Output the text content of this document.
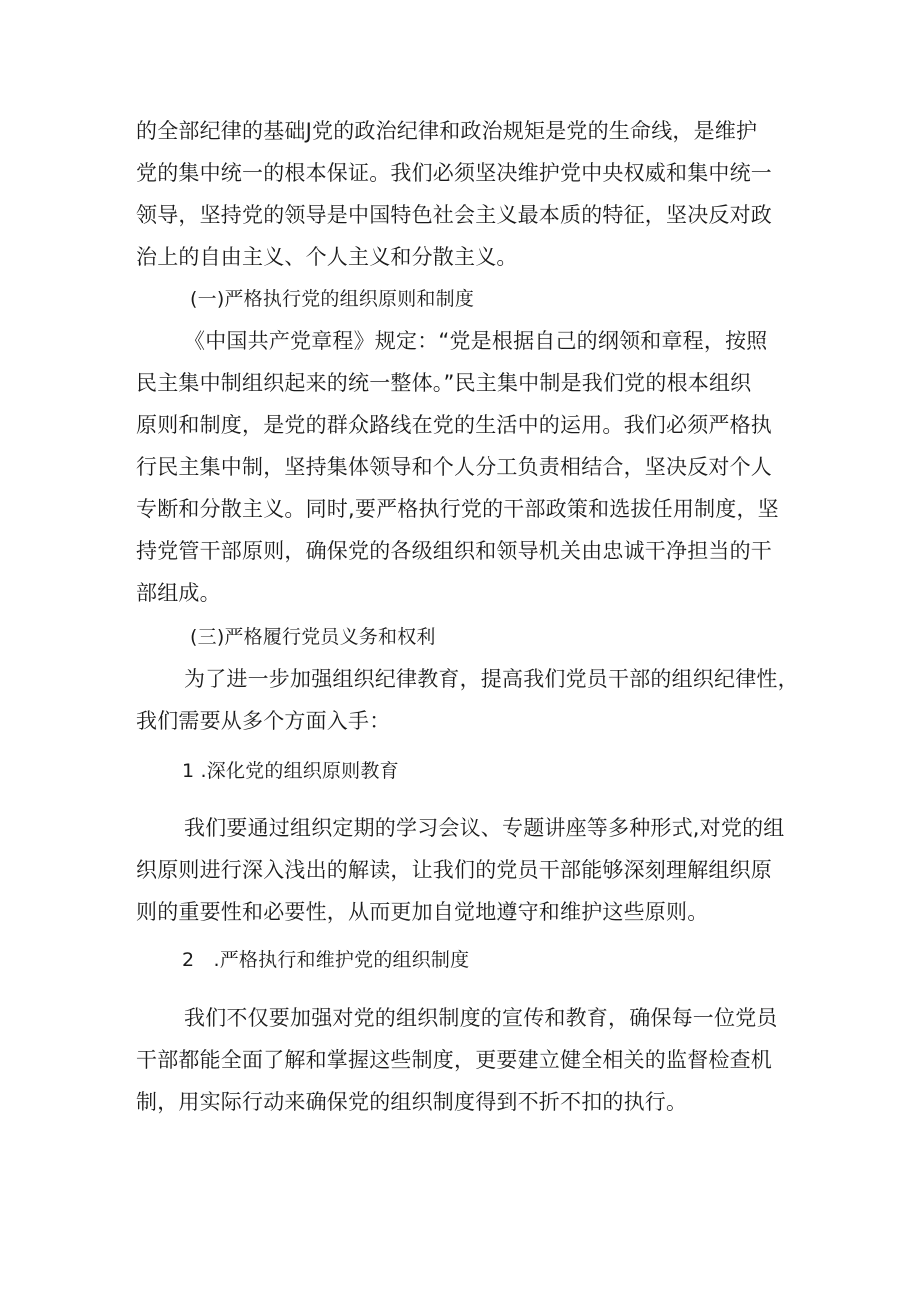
的全部纪律的基础J党的政治纪律和政治规矩是党的生命线，是维护
党的集中统一的根本保证。我们必须坚决维护党中央权威和集中统一
领导，坚持党的领导是中国特色社会主义最本质的特征，坚决反对政
治上的自由主义、个人主义和分散主义。
(一)严格执行党的组织原则和制度
《中国共产党章程》规定：“党是根据自己的纲领和章程，按照
民主集中制组织起来的统一整体。”民主集中制是我们党的根本组织
原则和制度，是党的群众路线在党的生活中的运用。我们必须严格执
行民主集中制，坚持集体领导和个人分工负责相结合，坚决反对个人
专断和分散主义。同时,要严格执行党的干部政策和选拔任用制度，坚
持党管干部原则，确保党的各级组织和领导机关由忠诚干净担当的干
部组成。
(三)严格履行党员义务和权利
为了进一步加强组织纪律教育，提高我们党员干部的组织纪律性，
我们需要从多个方面入手：
1 .深化党的组织原则教育
我们要通过组织定期的学习会议、专题讲座等多种形式,对党的组
织原则进行深入浅出的解读，让我们的党员干部能够深刻理解组织原
则的重要性和必要性，从而更加自觉地遵守和维护这些原则。
2　.严格执行和维护党的组织制度
我们不仅要加强对党的组织制度的宣传和教育，确保每一位党员
干部都能全面了解和掌握这些制度，更要建立健全相关的监督检查机
制，用实际行动来确保党的组织制度得到不折不扣的执行。
